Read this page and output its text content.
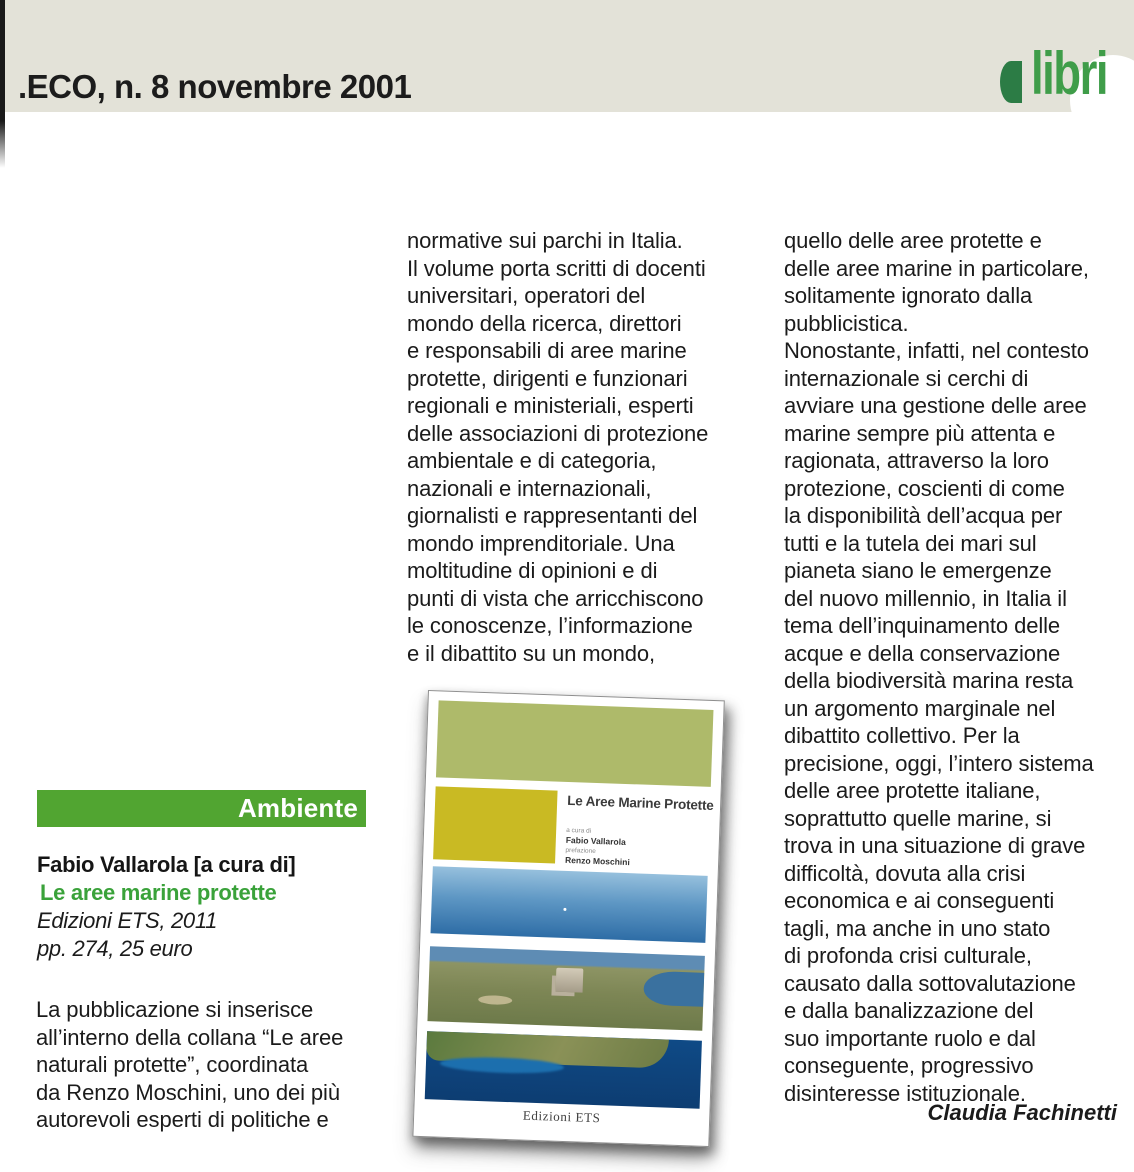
.ECO, n. 8 novembre 2001	libri
normative sui parchi in Italia.
Il volume porta scritti di docenti
universitari, operatori del
mondo della ricerca, direttori
e responsabili di aree marine
protette, dirigenti e funzionari
regionali e ministeriali, esperti
delle associazioni di protezione
ambientale e di categoria,
nazionali e internazionali,
giornalisti e rappresentanti del
mondo imprenditoriale. Una
moltitudine di opinioni e di
punti di vista che arricchiscono
le conoscenze, l’informazione
e il dibattito su un mondo,
quello delle aree protette e
delle aree marine in particolare,
solitamente ignorato dalla
pubblicistica.
Nonostante, infatti, nel contesto
internazionale si cerchi di
avviare una gestione delle aree
marine sempre più attenta e
ragionata, attraverso la loro
protezione, coscienti di come
la disponibilità dell’acqua per
tutti e la tutela dei mari sul
pianeta siano le emergenze
del nuovo millennio, in Italia il
tema dell’inquinamento delle
acque e della conservazione
della biodiversità marina resta
un argomento marginale nel
dibattito collettivo. Per la
precisione, oggi, l’intero sistema
delle aree protette italiane,
soprattutto quelle marine, si
trova in una situazione di grave
difficoltà, dovuta alla crisi
economica e ai conseguenti
tagli, ma anche in uno stato
di profonda crisi culturale,
causato dalla sottovalutazione
e dalla banalizzazione del
suo importante ruolo e dal
conseguente, progressivo
disinteresse istituzionale.
Claudia Fachinetti
Ambiente
Fabio Vallarola [a cura di]
Le aree marine protette
Edizioni ETS, 2011
pp. 274, 25 euro
La pubblicazione si inserisce
all’interno della collana “Le aree
naturali protette”, coordinata
da Renzo Moschini, uno dei più
autorevoli esperti di politiche e
Le Aree Marine Protette
a cura di
Fabio Vallarola
prefazione
Renzo Moschini
Edizioni ETS
